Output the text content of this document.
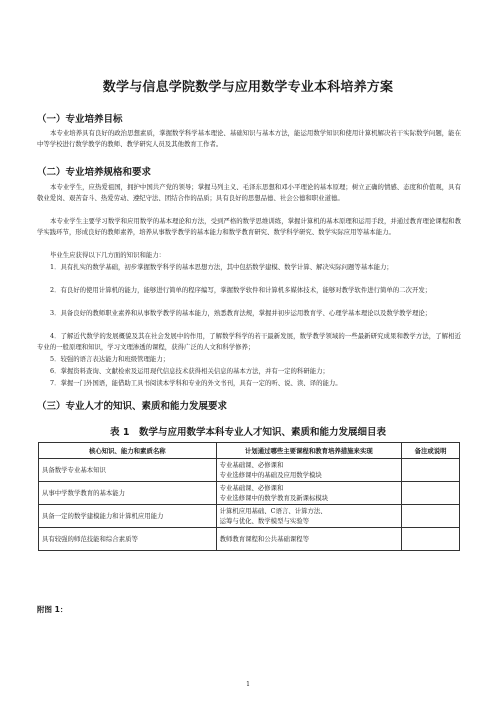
数学与信息学院数学与应用数学专业本科培养方案
（一）专业培养目标
本专业培养具有良好的政治思想素质，掌握数学科学基本理论、基础知识与基本方法，能运用数学知识和使用计算机解决若干实际数学问题，能在中等学校进行数学教学的教师、教学研究人员及其他教育工作者。
（二）专业培养规格和要求
本专业学生，应热爱祖国，拥护中国共产党的领导；掌握马列主义、毛泽东思想和邓小平理论的基本原理；树立正确的情感、态度和价值观，具有敬业爱岗、艰苦奋斗、热爱劳动、遵纪守法、团结合作的品质；具有良好的思想品德、社会公德和职业道德。
本专业学生主要学习数学和应用数学的基本理论和方法，受到严格的数学思维训练，掌握计算机的基本原理和运用手段，并通过教育理论课程和教学实践环节，形成良好的教师素养，培养从事数学教学的基本能力和数学教育研究、数学科学研究、数学实际应用等基本能力。
毕业生应获得以下几方面的知识和能力：
1．具有扎实的数学基础，初步掌握数学科学的基本思想方法，其中包括数学建模、数学计算、解决实际问题等基本能力；
2．有良好的使用计算机的能力，能够进行简单的程序编写，掌握数学软件和计算机多媒体技术，能够对教学软件进行简单的二次开发；
3．具备良好的教师职业素养和从事数学教学的基本能力，熟悉教育法规，掌握并初步运用教育学、心理学基本理论以及数学教学理论；
4．了解近代数学的发展概貌及其在社会发展中的作用，了解数学科学的若干最新发展，数学教学领域的一些最新研究成果和教学方法，了解相近专业的一般原理和知识，学习文理渗透的课程，获得广泛的人文和科学修养；
5．较强的语言表达能力和班级管理能力；
6．掌握资料查询、文献检索及运用现代信息技术获得相关信息的基本方法，并有一定的科研能力；
7．掌握一门外国语，能借助工具书阅读本学科和专业的外文书刊，具有一定的听、说、读、译的能力。
（三）专业人才的知识、素质和能力发展要求
表 1　数学与应用数学本科专业人才知识、素质和能力发展细目表
核心知识、能力和素质名称	计划通过哪些主要课程和教育培养措施来实现	备注或说明
具备数学专业基本知识	专业基础课、必修课和
专业选修课中的基础及应用数学模块	
从事中学数学教育的基本能力	专业基础课、必修课和
专业选修课中的数学教育及新课标模块	
具备一定的数学建模能力和计算机应用能力	计算机应用基础、C语言、计算方法、
运筹与优化、数学模型与实验等	
具有较强的师范技能和综合素质等	教师教育课程和公共基础课程等	
附图 1：
1
